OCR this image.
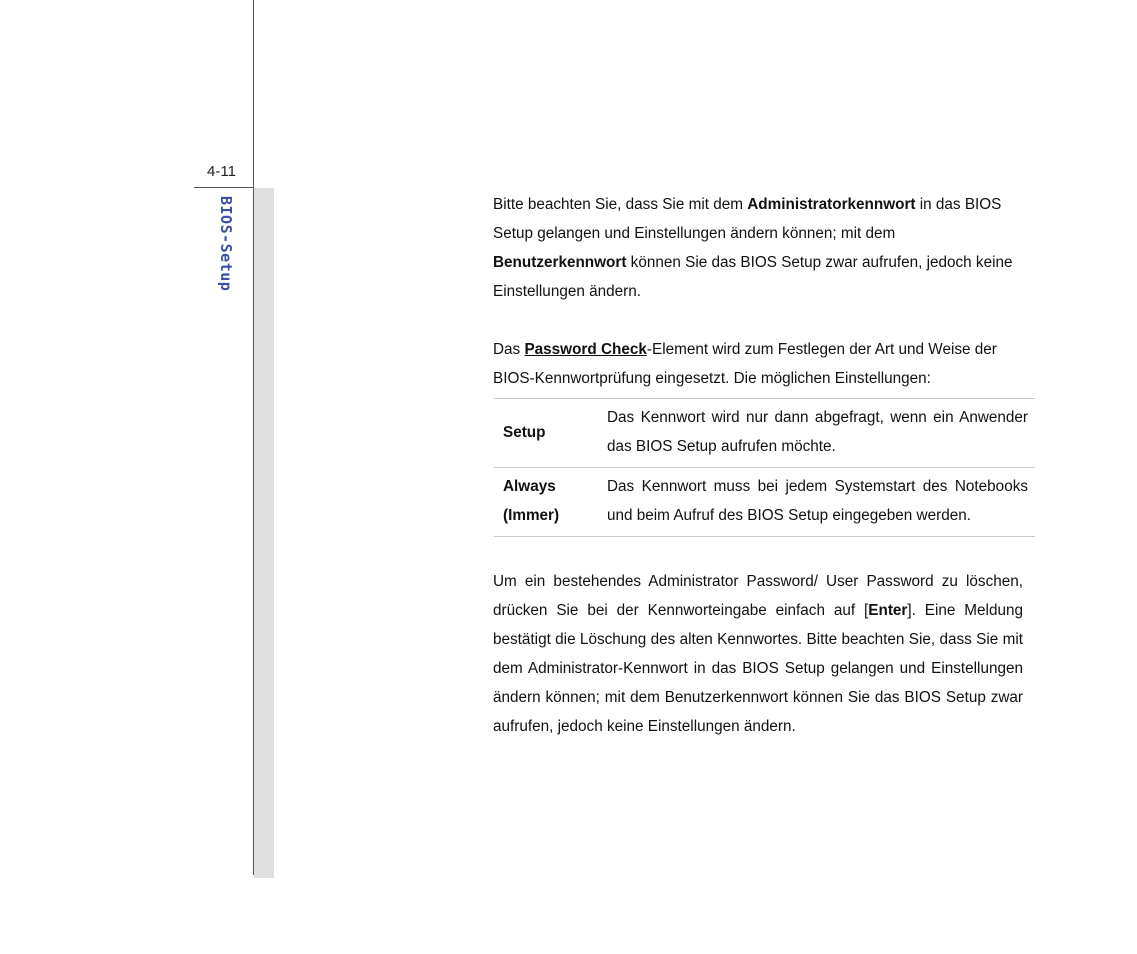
4-11
BIOS-Setup	Bitte beachten Sie, dass Sie mit dem Administratorkennwort in das BIOS Setup gelangen und Einstellungen ändern können; mit dem Benutzerkennwort können Sie das BIOS Setup zwar aufrufen, jedoch keine Einstellungen ändern.

Das Password Check-Element wird zum Festlegen der Art und Weise der BIOS-Kennwortprüfung eingesetzt. Die möglichen Einstellungen:

Setup	Das Kennwort wird nur dann abgefragt, wenn ein Anwender das BIOS Setup aufrufen möchte.
Always (Immer)	Das Kennwort muss bei jedem Systemstart des Notebooks und beim Aufruf des BIOS Setup eingegeben werden.

Um ein bestehendes Administrator Password/ User Password zu löschen, drücken Sie bei der Kennworteingabe einfach auf [Enter]. Eine Meldung bestätigt die Löschung des alten Kennwortes. Bitte beachten Sie, dass Sie mit dem Administrator-Kennwort in das BIOS Setup gelangen und Einstellungen ändern können; mit dem Benutzerkennwort können Sie das BIOS Setup zwar aufrufen, jedoch keine Einstellungen ändern.
